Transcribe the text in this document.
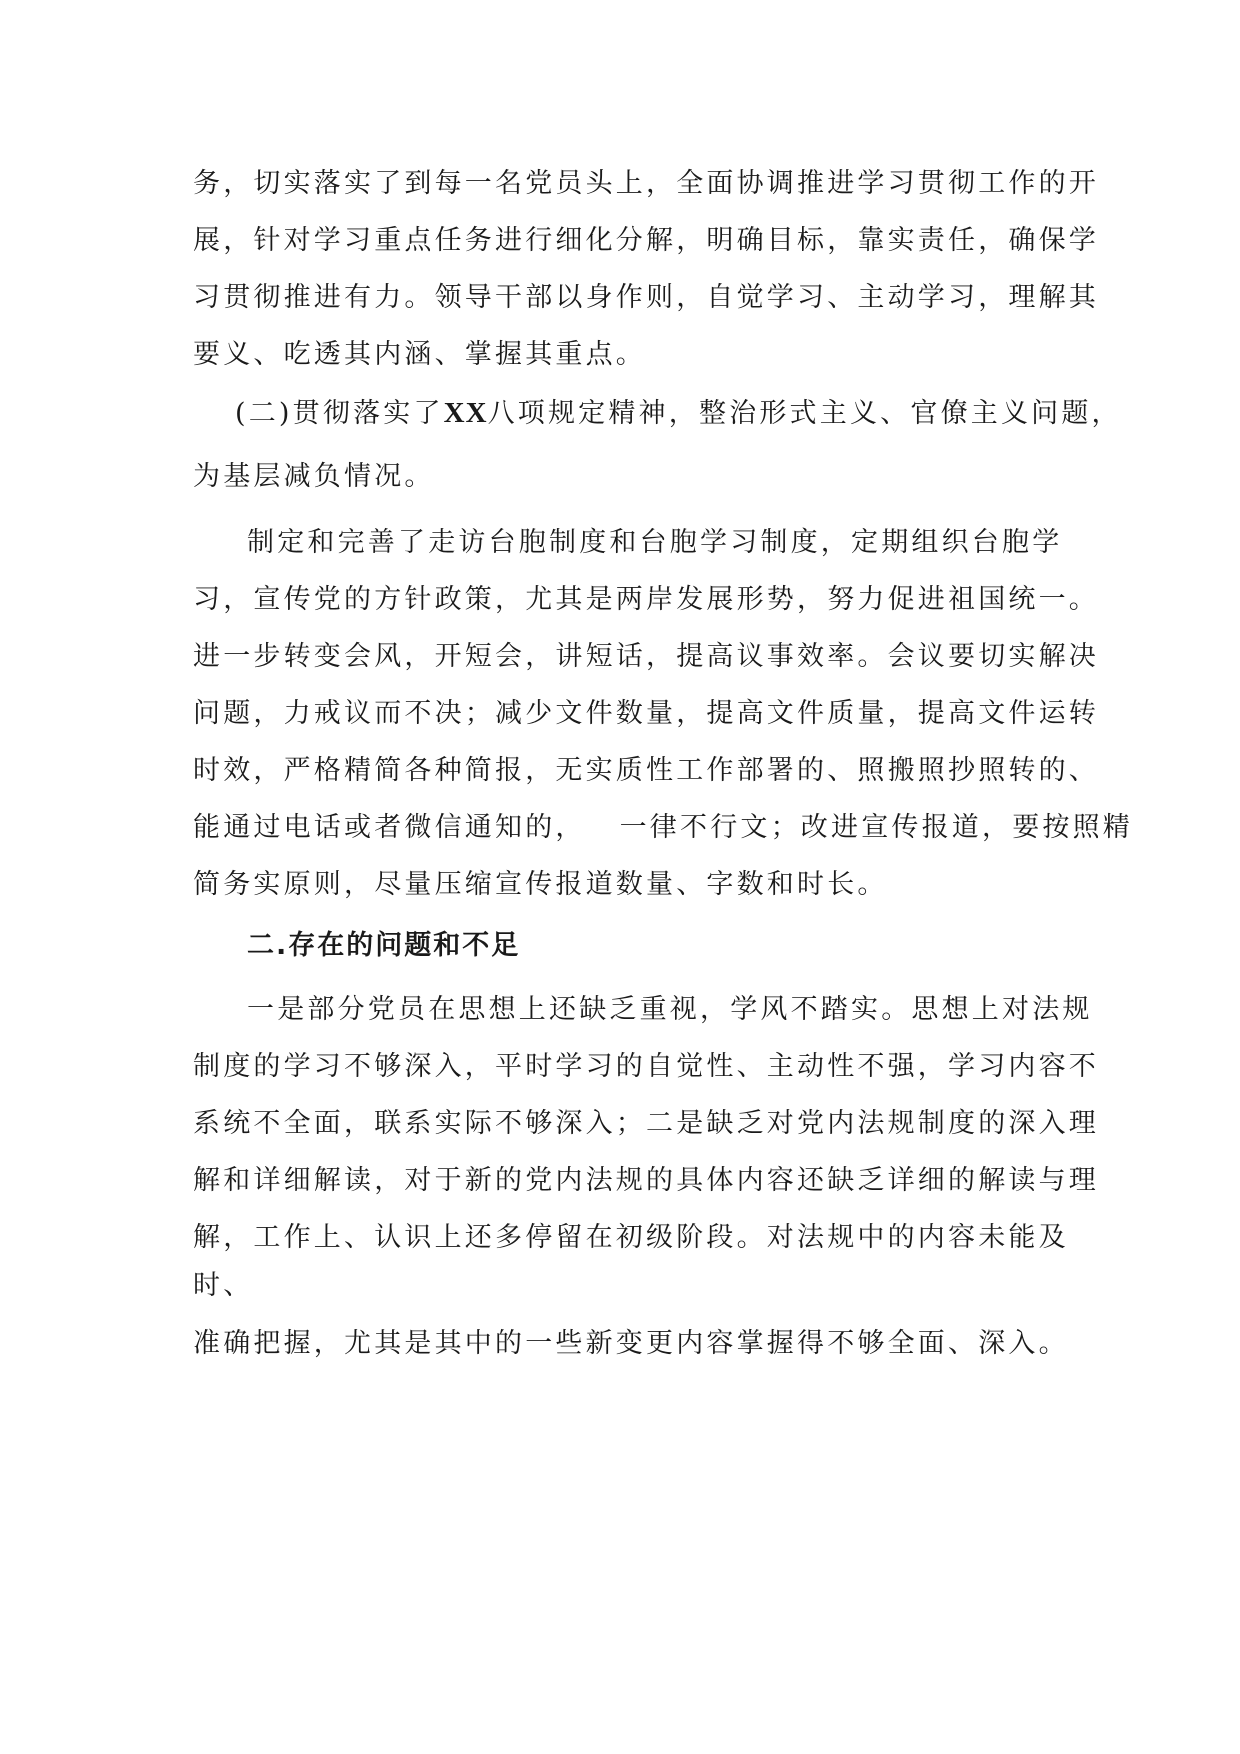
务，切实落实了到每一名党员头上，全面协调推进学习贯彻工作的开
展，针对学习重点任务进行细化分解，明确目标，靠实责任，确保学
习贯彻推进有力。领导干部以身作则，自觉学习、主动学习，理解其
要义、吃透其内涵、掌握其重点。
(二)贯彻落实了XX八项规定精神，整治形式主义、官僚主义问题，
为基层减负情况。
制定和完善了走访台胞制度和台胞学习制度，定期组织台胞学
习，宣传党的方针政策，尤其是两岸发展形势，努力促进祖国统一。
进一步转变会风，开短会，讲短话，提高议事效率。会议要切实解决
问题，力戒议而不决；减少文件数量，提高文件质量，提高文件运转
时效，严格精简各种简报，无实质性工作部署的、照搬照抄照转的、
能通过电话或者微信通知的， 一律不行文；改进宣传报道，要按照精
简务实原则，尽量压缩宣传报道数量、字数和时长。
二.存在的问题和不足
一是部分党员在思想上还缺乏重视，学风不踏实。思想上对法规
制度的学习不够深入，平时学习的自觉性、主动性不强，学习内容不
系统不全面，联系实际不够深入；二是缺乏对党内法规制度的深入理
解和详细解读，对于新的党内法规的具体内容还缺乏详细的解读与理
解，工作上、认识上还多停留在初级阶段。对法规中的内容未能及
时、
准确把握，尤其是其中的一些新变更内容掌握得不够全面、深入。
